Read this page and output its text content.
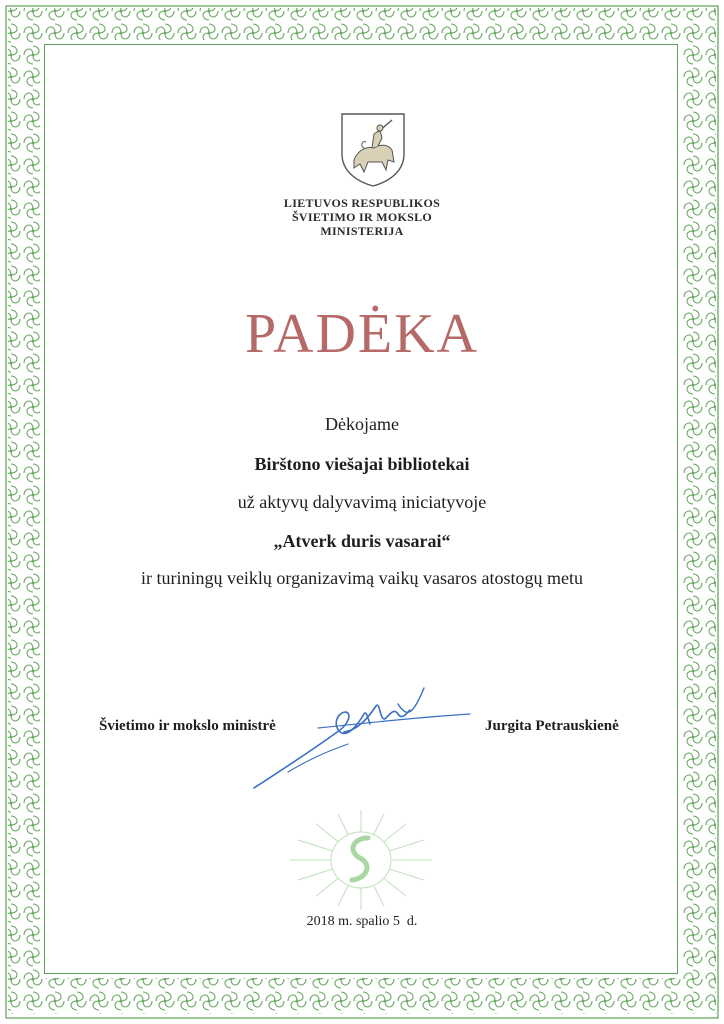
LIETUVOS RESPUBLIKOS
ŠVIETIMO IR MOKSLO
MINISTERIJA
PADĖKA
Dėkojame
Birštono viešajai bibliotekai
už aktyvų dalyvavimą iniciatyvoje
„Atverk duris vasarai“
ir turiningų veiklų organizavimą vaikų vasaros atostogų metu
Švietimo ir mokslo ministrė	Jurgita Petrauskienė
2018 m. spalio 5  d.
